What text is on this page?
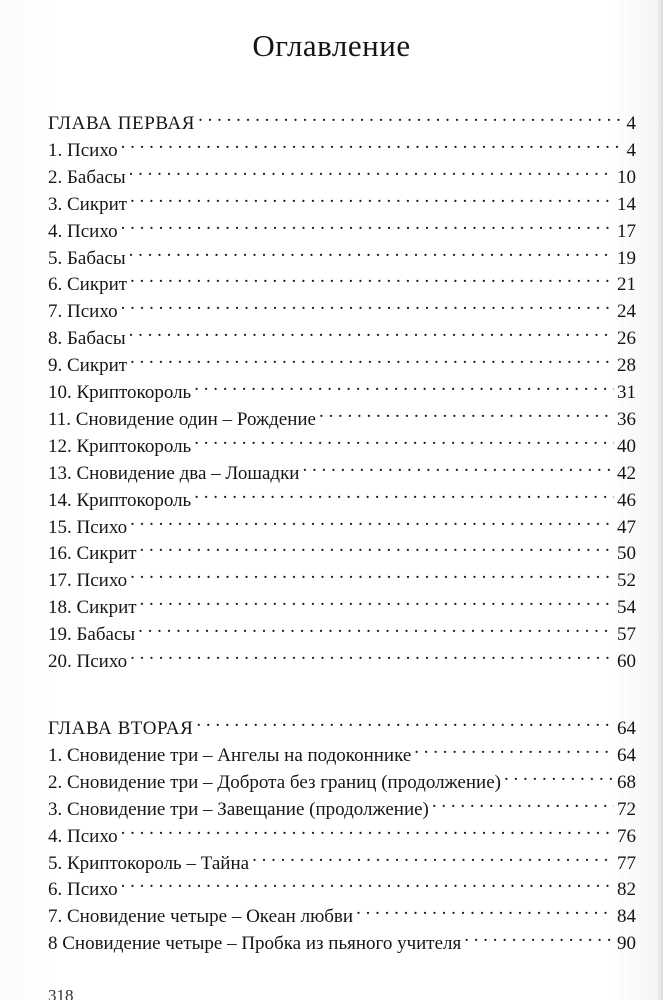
Оглавление
ГЛАВА ПЕРВАЯ . . .	4
1. Психо . . .	4
2. Бабасы . . .	10
3. Сикрит . . .	14
4. Психо . . .	17
5. Бабасы . . .	19
6. Сикрит . . .	21
7. Психо . . .	24
8. Бабасы . . .	26
9. Сикрит . . .	28
10. Криптокороль . . .	31
11. Сновидение один – Рождение . . .	36
12. Криптокороль . . .	40
13. Сновидение два – Лошадки . . .	42
14. Криптокороль . . .	46
15. Психо . . .	47
16. Сикрит . . .	50
17. Психо . . .	52
18. Сикрит . . .	54
19. Бабасы . . .	57
20. Психо . . .	60
ГЛАВА ВТОРАЯ . . .	64
1. Сновидение три – Ангелы на подоконнике . . .	64
2. Сновидение три – Доброта без границ (продолжение) . . .	68
3. Сновидение три – Завещание (продолжение) . . .	72
4. Психо . . .	76
5. Криптокороль – Тайна . . .	77
6. Психо . . .	82
7. Сновидение четыре – Океан любви . . .	84
8 Сновидение четыре – Пробка из пьяного учителя . . .	90
318
